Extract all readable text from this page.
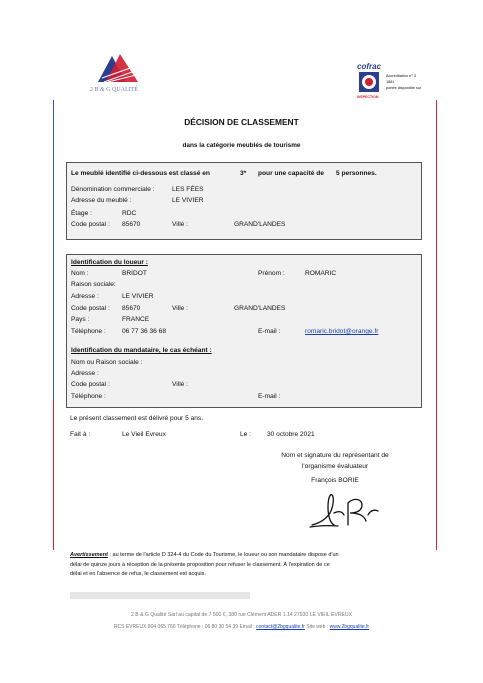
2 B & G QUALITÉ
cofrac
INSPECTION
Accréditation n° 3
1881
portée disponible sur
DÉCISION DE CLASSEMENT
dans la catégorie meublés de tourisme
Le meublé identifié ci-dessous est classé en	3* pour une capacité de 5 personnes.
Dénomination commerciale :	LES FÉES
Adresse du meublé :	LE VIVIER
Étage :	RDC
Code postal : 85670	Ville :	GRAND'LANDES
Identification du loueur :
Nom :	BRIDOT	Prénom :	ROMARIC
Raison sociale:
Adresse :	LE VIVIER
Code postal : 85670	Ville :	GRAND'LANDES
Pays :	FRANCE
Téléphone : 06 77 36 36 68	E-mail :	romaric.bridot@orange.fr
Identification du mandataire, le cas échéant :
Nom ou Raison sociale :
Adresse :
Code postal :	Ville :
Téléphone :	E-mail :
Le présent classement est délivré pour 5 ans.
Fait à :	Le Vieil Evreux	Le : 30 octobre 2021
Nom et signature du représentant de
l'organisme évaluateur
François BORIE
Avertissement : au terme de l'article D 324-4 du Code du Tourisme, le loueur ou son mandataire dispose d'un
délai de quinze jours à réception de la présente proposition pour refuser le classement. À l'expiration de ce
délai et en l'absence de refus, le classement est acquis.
2 B & G Qualité Sarl au capital de 7 500 €, 380 rue Clément ADER 1.14 27930 LE VIEIL EVREUX
RCS EVREUX 804 065 766 Téléphone : 06 80 30 54 39 Email : contact@2bgqualite.fr Site web : www.2bgqualite.fr
